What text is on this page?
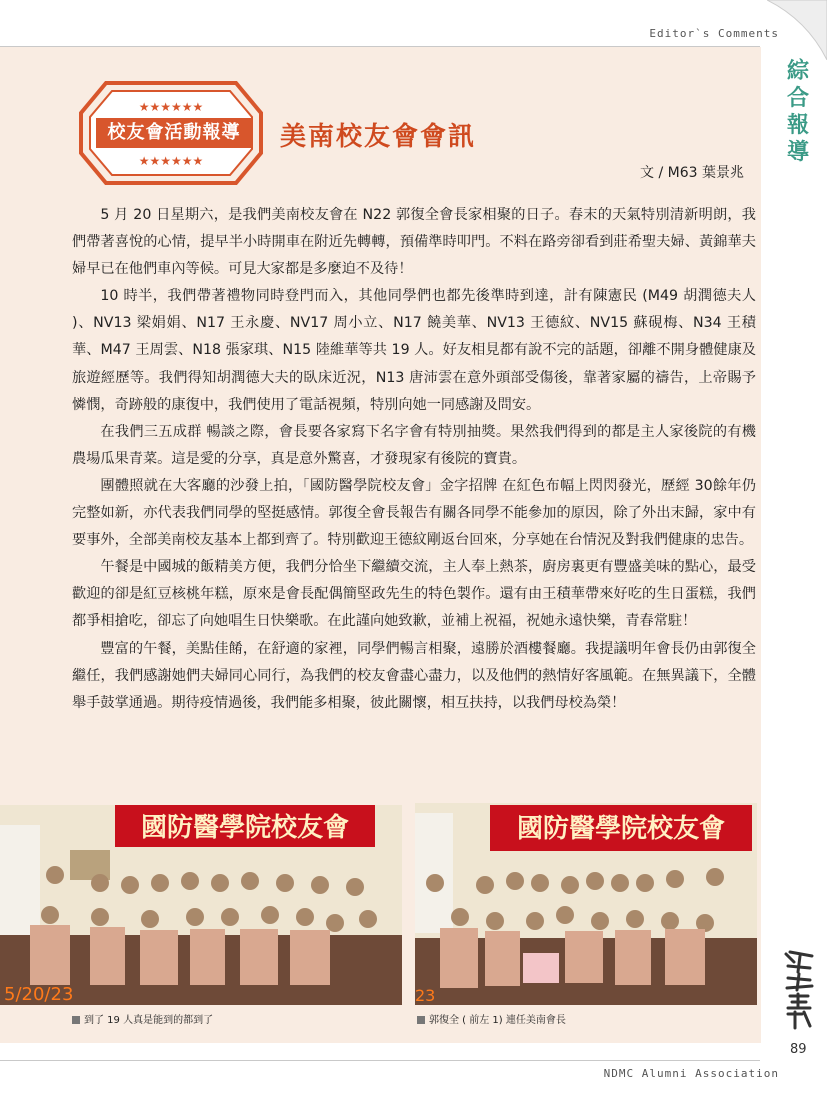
Editor`s Comments
綜
合
報
導
89
★★★★★★
★★★★★★
校友會活動報導	美南校友會會訊
文 / M63 葉景兆

5 月 20 日星期六，是我們美南校友會在 N22 郭復全會長家相聚的日子。春末的天氣特別清新明朗，我們帶著喜悅的心情，提早半小時開車在附近先轉轉，預備準時叩門。不料在路旁卻看到莊希聖夫婦、黃錦華夫婦早已在他們車內等候。可見大家都是多麼迫不及待！

10 時半，我們帶著禮物同時登門而入，其他同學們也都先後準時到達，計有陳憲民 (M49 胡潤德夫人 )、NV13 梁娟娟、N17 王永慶、NV17 周小立、N17 饒美華、NV13 王德紋、NV15 蘇硯梅、N34 王積華、M47 王周雲、N18 張家琪、N15 陸維華等共 19 人。好友相見都有說不完的話題，卻離不開身體健康及旅遊經歷等。我們得知胡潤德大夫的臥床近況，N13 唐沛雲在意外頭部受傷後，靠著家屬的禱告，上帝賜予憐憫，奇跡般的康復中，我們使用了電話視頻，特別向她一同感謝及問安。

在我們三五成群 暢談之際，會長要各家寫下名字會有特別抽獎。果然我們得到的都是主人家後院的有機農場瓜果青菜。這是愛的分享，真是意外驚喜，才發現家有後院的寶貴。

團體照就在大客廳的沙發上拍，「國防醫學院校友會」金字招牌 在紅色布幅上閃閃發光，歷經 30餘年仍完整如新，亦代表我們同學的堅挺感情。郭復全會長報告有關各同學不能參加的原因，除了外出末歸，家中有要事外，全部美南校友基本上都到齊了。特別歡迎王德紋剛返台回來，分享她在台情況及對我們健康的忠告。

午餐是中國城的飯精美方便，我們分恰坐下繼續交流，主人奉上熱茶，廚房裏更有豐盛美味的點心，最受歡迎的卻是紅豆核桃年糕，原來是會長配偶簡堅政先生的特色製作。還有由王積華帶來好吃的生日蛋糕，我們都爭相搶吃，卻忘了向她唱生日快樂歌。在此謹向她致歉，並補上祝福，祝她永遠快樂，青春常駐！

豐富的午餐，美點佳餚，在舒適的家裡，同學們暢言相聚，遠勝於酒樓餐廳。我提議明年會長仍由郭復全繼任，我們感謝她們夫婦同心同行，為我們的校友會盡心盡力，以及他們的熱情好客風範。在無異議下，全體舉手鼓掌通過。期待疫情過後，我們能多相聚，彼此關懷，相互扶持，以我們母校為榮！

國防醫學院校友會
5/20/23
到了 19 人真是能到的都到了
國防醫學院校友會
23
郭復全 ( 前左 1) 連任美南會長
NDMC Alumni Association
